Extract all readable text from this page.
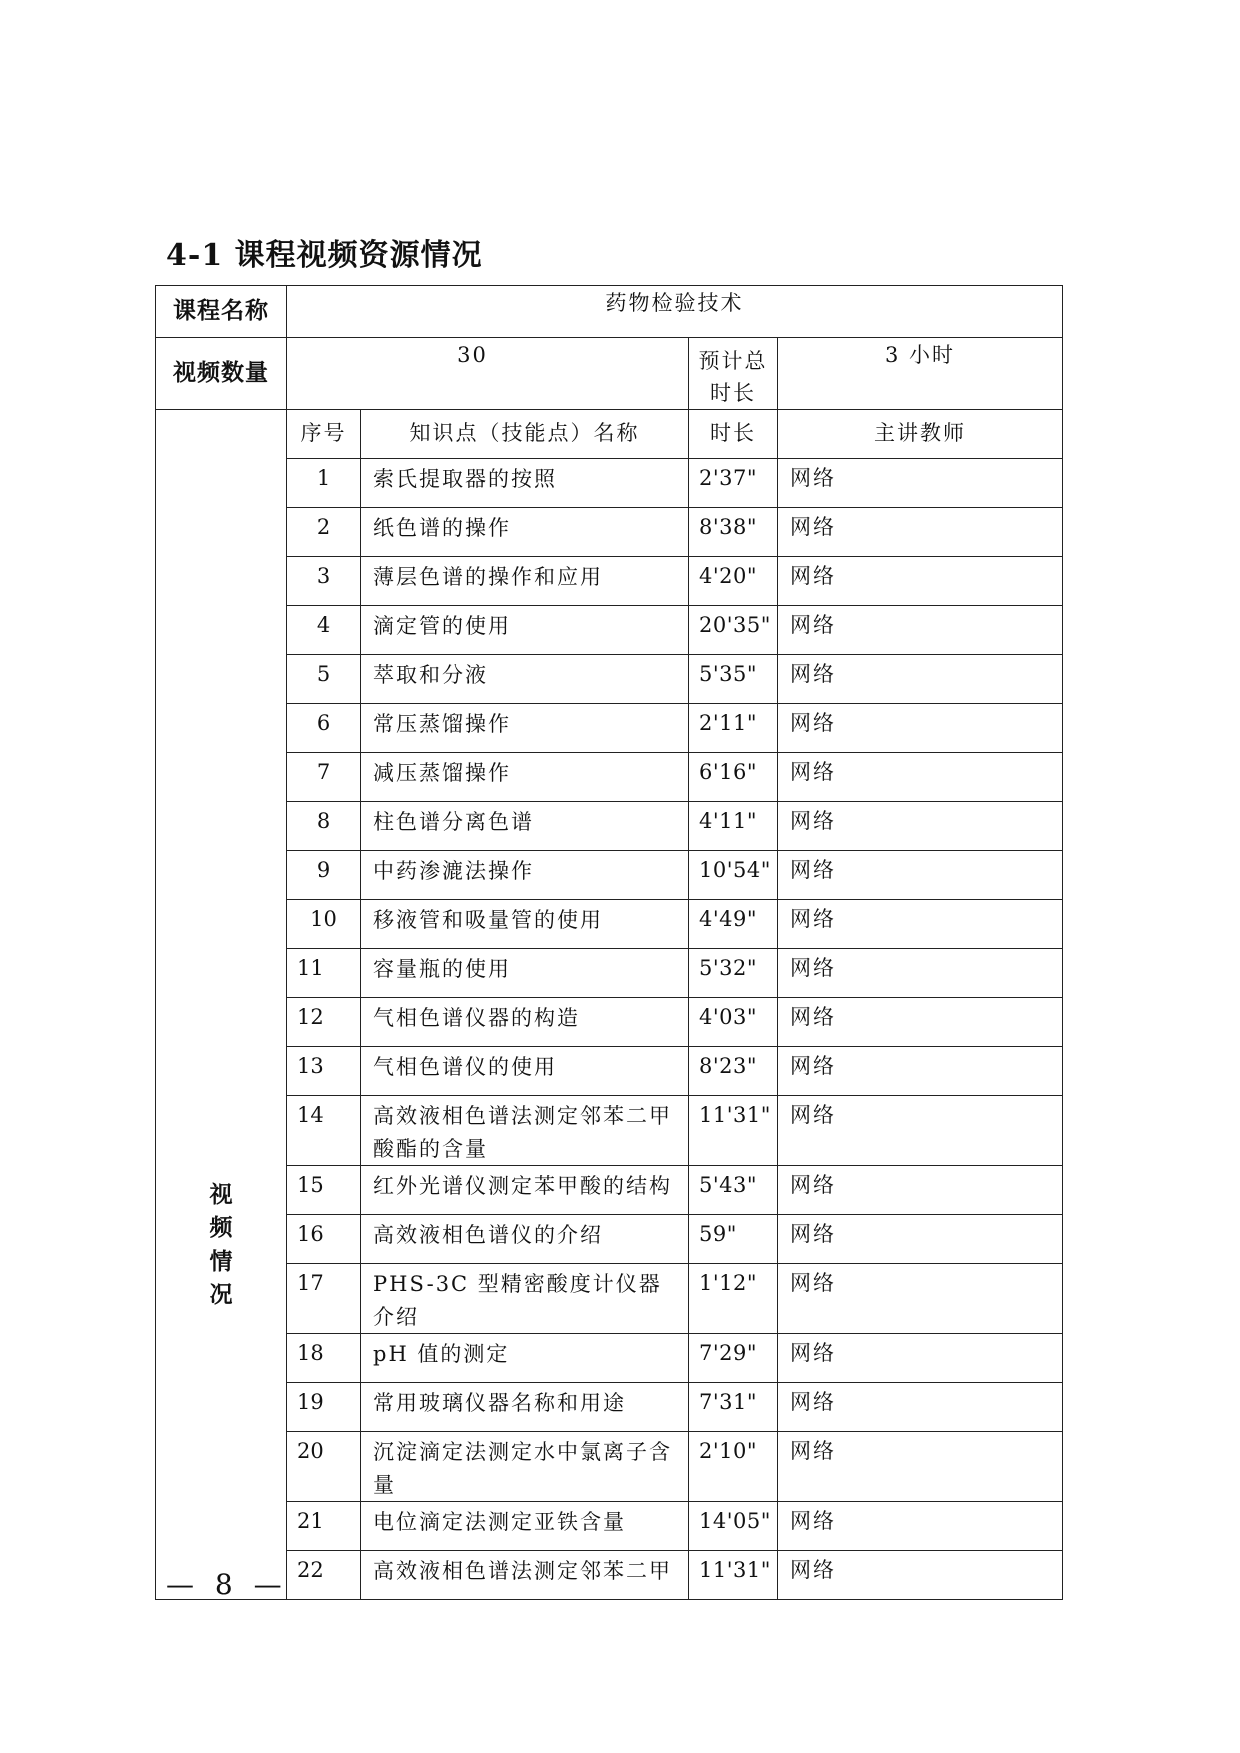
4-1 课程视频资源情况
课程名称	药物检验技术			
视频数量	30		预计总时长	3 小时
视频情况	序号	知识点（技能点）名称	时长	主讲教师
	1	索氏提取器的按照	2'37"	网络
	2	纸色谱的操作	8'38"	网络
	3	薄层色谱的操作和应用	4'20"	网络
	4	滴定管的使用	20'35"	网络
	5	萃取和分液	5'35"	网络
	6	常压蒸馏操作	2'11"	网络
	7	减压蒸馏操作	6'16"	网络
	8	柱色谱分离色谱	4'11"	网络
	9	中药渗漉法操作	10'54"	网络
	10	移液管和吸量管的使用	4'49"	网络
	11	容量瓶的使用	5'32"	网络
	12	气相色谱仪器的构造	4'03"	网络
	13	气相色谱仪的使用	8'23"	网络
	14	高效液相色谱法测定邻苯二甲酸酯的含量	11'31"	网络
	15	红外光谱仪测定苯甲酸的结构	5'43"	网络
	16	高效液相色谱仪的介绍	59"	网络
	17	PHS-3C 型精密酸度计仪器介绍	1'12"	网络
	18	pH 值的测定	7'29"	网络
	19	常用玻璃仪器名称和用途	7'31"	网络
	20	沉淀滴定法测定水中氯离子含量	2'10"	网络
	21	电位滴定法测定亚铁含量	14'05"	网络
	22	高效液相色谱法测定邻苯二甲	11'31"	网络

— 8 —
